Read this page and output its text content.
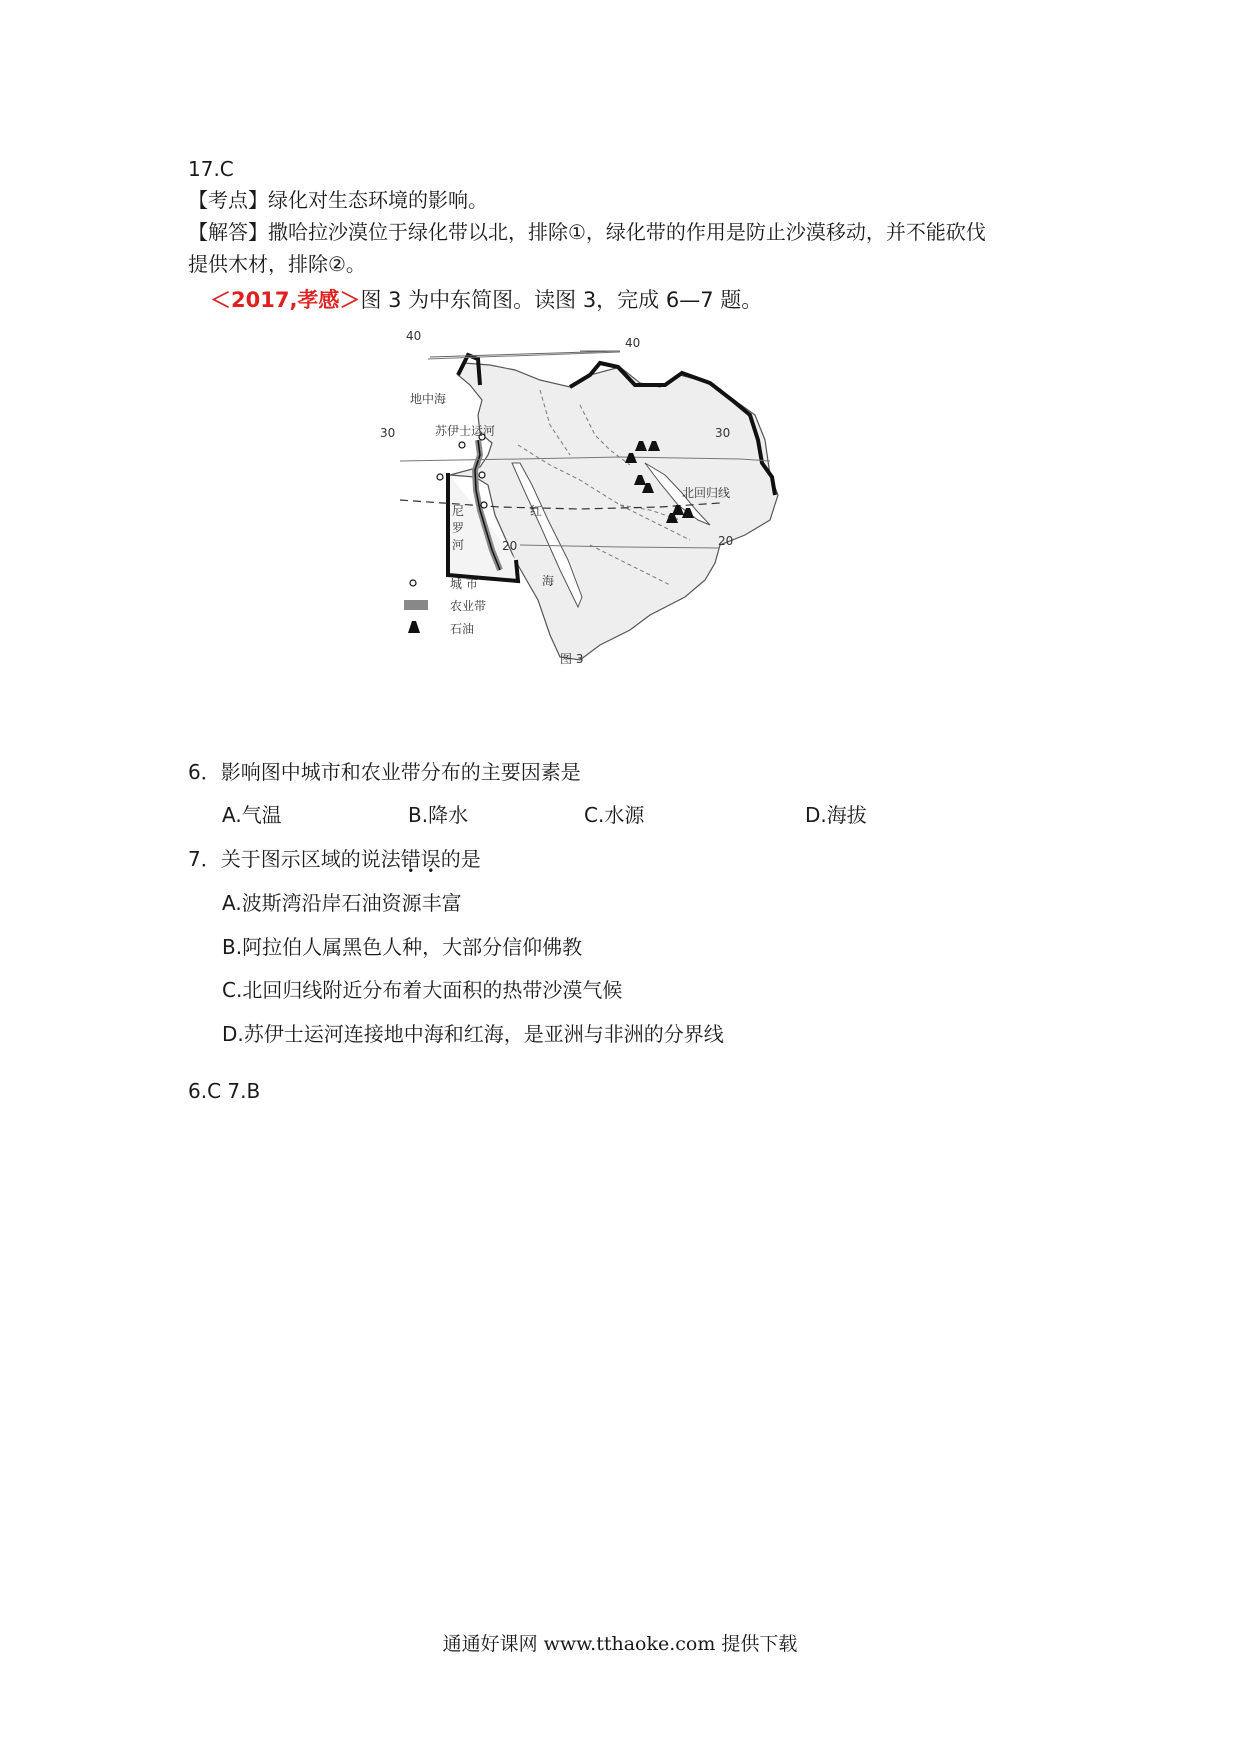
17.C
【考点】绿化对生态环境的影响。
【解答】撒哈拉沙漠位于绿化带以北，排除①，绿化带的作用是防止沙漠移动，并不能砍伐
提供木材，排除②。
＜2017,孝感＞图 3 为中东简图。读图 3，完成 6—7 题。
地中海
苏伊士运河
尼
罗
河
红
海
北回归线
40	40
30	30
20	20
城 市
农业带
石油
图 3
6．影响图中城市和农业带分布的主要因素是
A.气温	B.降水	C.水源	D.海拔
7．关于图示区域的说法错误的是
A.波斯湾沿岸石油资源丰富
B.阿拉伯人属黑色人种，大部分信仰佛教
C.北回归线附近分布着大面积的热带沙漠气候
D.苏伊士运河连接地中海和红海，是亚洲与非洲的分界线
6.C 7.B
通通好课网 www.tthaoke.com 提供下载
